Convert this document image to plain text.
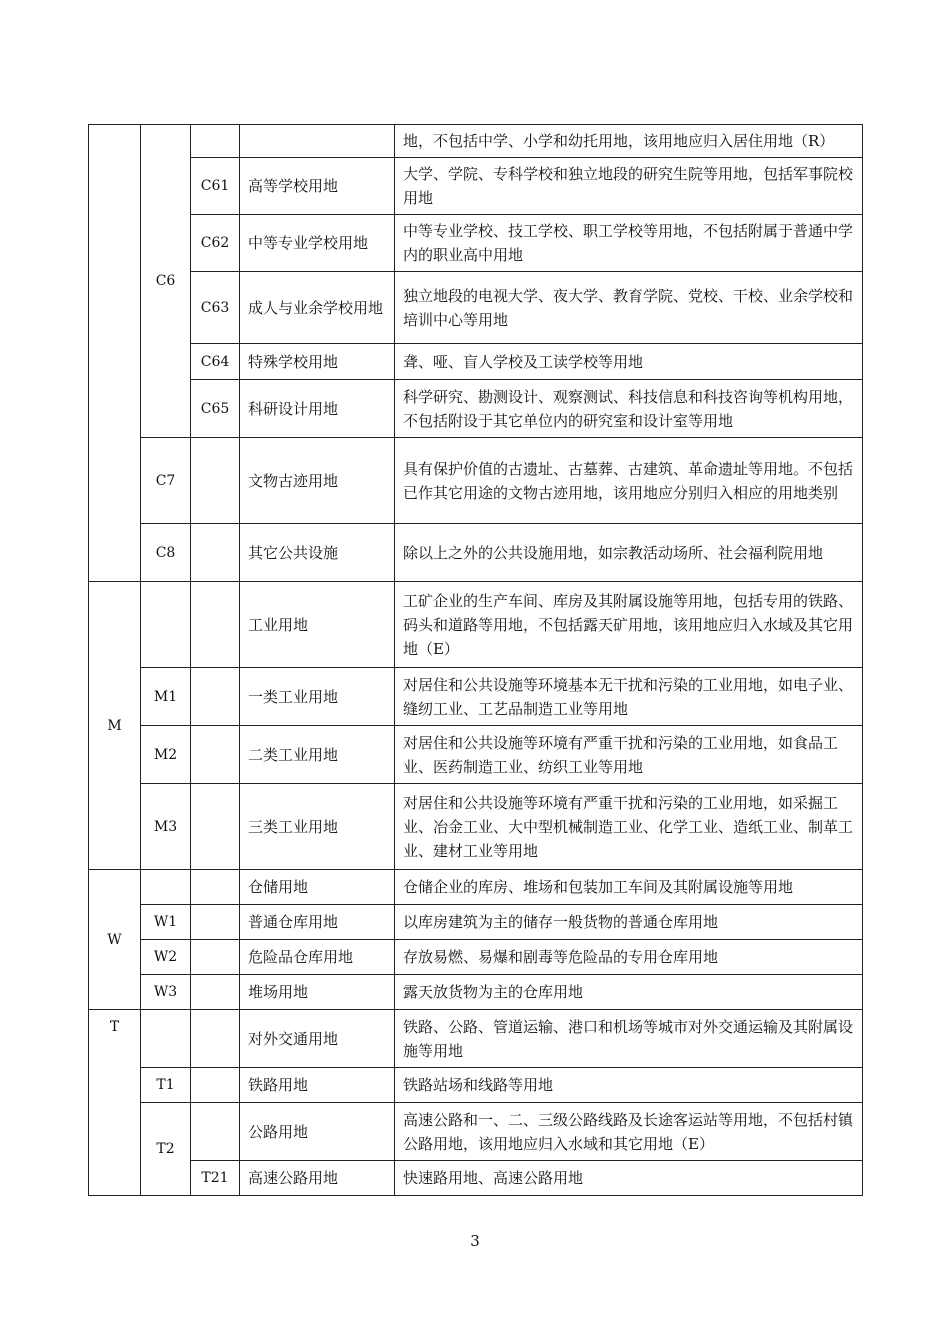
	C6			地，不包括中学、小学和幼托用地，该用地应归入居住用地（R）
		C61	高等学校用地	大学、学院、专科学校和独立地段的研究生院等用地，包括军事院校用地
		C62	中等专业学校用地	中等专业学校、技工学校、职工学校等用地，不包括附属于普通中学内的职业高中用地
		C63	成人与业余学校用地	独立地段的电视大学、夜大学、教育学院、党校、干校、业余学校和培训中心等用地
		C64	特殊学校用地	聋、哑、盲人学校及工读学校等用地
		C65	科研设计用地	科学研究、勘测设计、观察测试、科技信息和科技咨询等机构用地，不包括附设于其它单位内的研究室和设计室等用地
	C7		文物古迹用地	具有保护价值的古遗址、古墓葬、古建筑、革命遗址等用地。不包括已作其它用途的文物古迹用地，该用地应分别归入相应的用地类别
	C8		其它公共设施	除以上之外的公共设施用地，如宗教活动场所、社会福利院用地
M			工业用地	工矿企业的生产车间、库房及其附属设施等用地，包括专用的铁路、码头和道路等用地，不包括露天矿用地，该用地应归入水域及其它用地（E）
	M1		一类工业用地	对居住和公共设施等环境基本无干扰和污染的工业用地，如电子业、缝纫工业、工艺品制造工业等用地
	M2		二类工业用地	对居住和公共设施等环境有严重干扰和污染的工业用地，如食品工业、医药制造工业、纺织工业等用地
	M3		三类工业用地	对居住和公共设施等环境有严重干扰和污染的工业用地，如采掘工业、冶金工业、大中型机械制造工业、化学工业、造纸工业、制革工业、建材工业等用地
W			仓储用地	仓储企业的库房、堆场和包装加工车间及其附属设施等用地
	W1		普通仓库用地	以库房建筑为主的储存一般货物的普通仓库用地
	W2		危险品仓库用地	存放易燃、易爆和剧毒等危险品的专用仓库用地
	W3		堆场用地	露天放货物为主的仓库用地
T			对外交通用地	铁路、公路、管道运输、港口和机场等城市对外交通运输及其附属设施等用地
	T1		铁路用地	铁路站场和线路等用地
	T2		公路用地	高速公路和一、二、三级公路线路及长途客运站等用地，不包括村镇公路用地，该用地应归入水域和其它用地（E）
		T21	高速公路用地	快速路用地、高速公路用地
3
